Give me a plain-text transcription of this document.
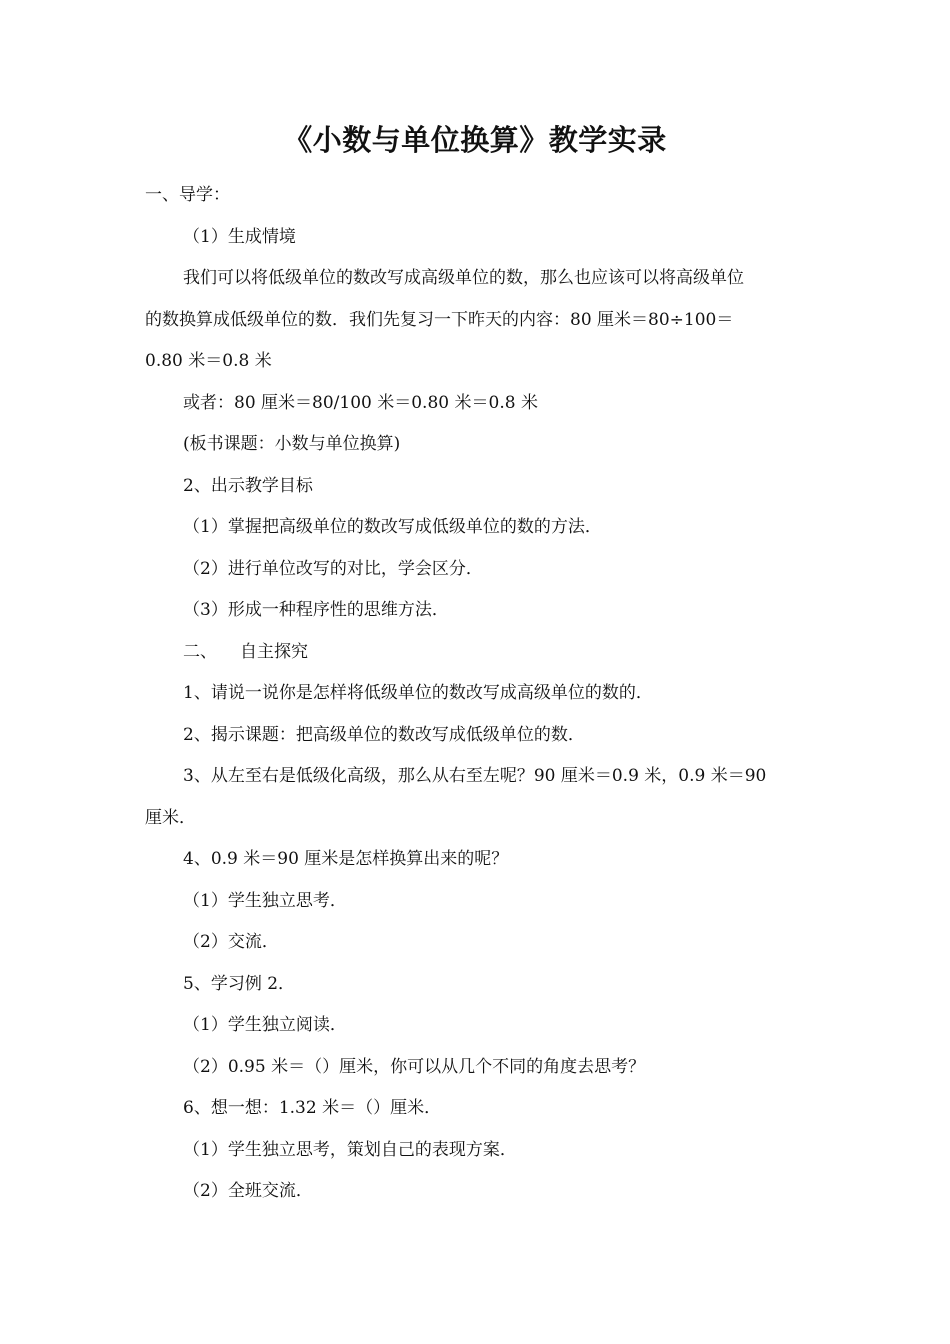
《小数与单位换算》教学实录
一、导学：
（1）生成情境
我们可以将低级单位的数改写成高级单位的数，那么也应该可以将高级单位
的数换算成低级单位的数．我们先复习一下昨天的内容：80 厘米＝80÷100＝
0.80 米＝0.8 米
或者：80 厘米＝80/100 米＝0.80 米＝0.8 米
(板书课题：小数与单位换算)
2、出示教学目标
（1）掌握把高级单位的数改写成低级单位的数的方法．
（2）进行单位改写的对比，学会区分．
（3）形成一种程序性的思维方法．
二、 自主探究
1、请说一说你是怎样将低级单位的数改写成高级单位的数的．
2、揭示课题：把高级单位的数改写成低级单位的数．
3、从左至右是低级化高级，那么从右至左呢？90 厘米＝0.9 米，0.9 米＝90
厘米．
4、0.9 米＝90 厘米是怎样换算出来的呢？
（1）学生独立思考．
（2）交流．
5、学习例 2．
（1）学生独立阅读．
（2）0.95 米＝（）厘米，你可以从几个不同的角度去思考？
6、想一想：1.32 米＝（）厘米．
（1）学生独立思考，策划自己的表现方案．
（2）全班交流．
